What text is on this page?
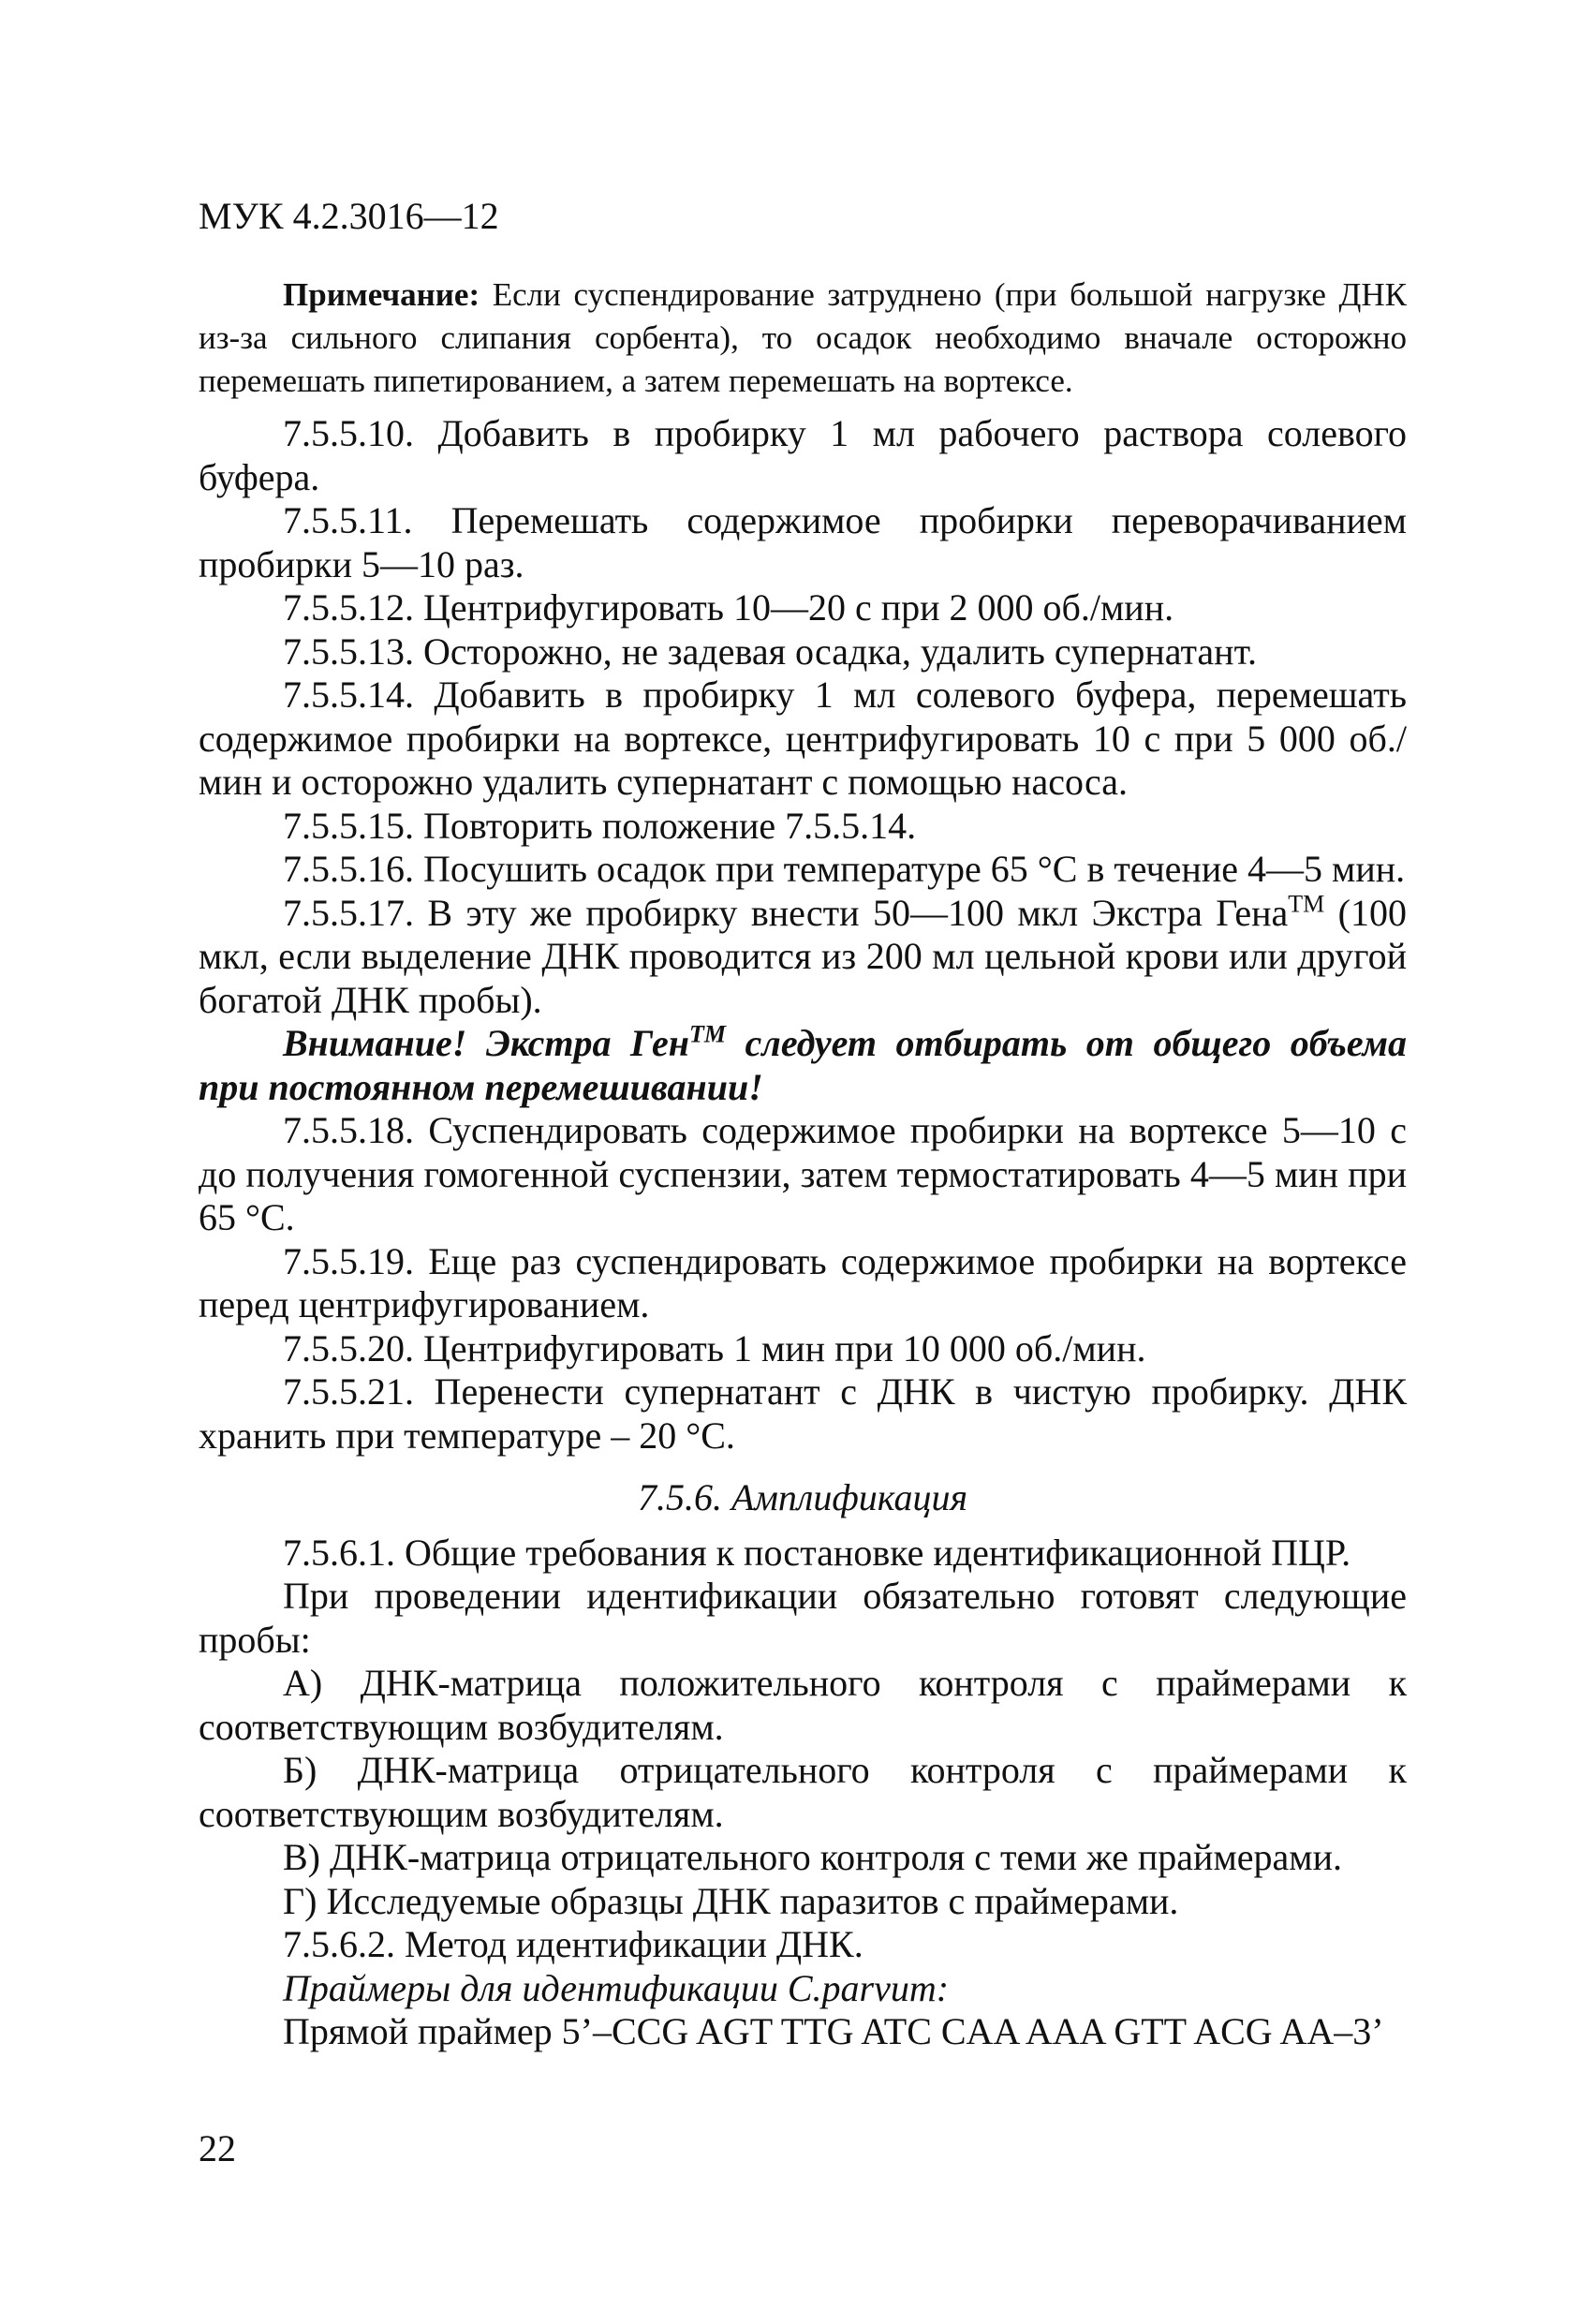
МУК 4.2.3016—12

Примечание: Если суспендирование затруднено (при большой нагрузке ДНК из-за сильного слипания сорбента), то осадок необходимо вначале осторожно перемешать пипетированием, а затем перемешать на вортексе.

7.5.5.10. Добавить в пробирку 1 мл рабочего раствора солевого буфера.

7.5.5.11. Перемешать содержимое пробирки переворачиванием пробирки 5—10 раз.

7.5.5.12. Центрифугировать 10—20 с при 2 000 об./мин.

7.5.5.13. Осторожно, не задевая осадка, удалить супернатант.

7.5.5.14. Добавить в пробирку 1 мл солевого буфера, перемешать содержимое пробирки на вортексе, центрифугировать 10 с при 5 000 об./мин и осторожно удалить супернатант с помощью насоса.

7.5.5.15. Повторить положение 7.5.5.14.

7.5.5.16. Посушить осадок при температуре 65 °С в течение 4—5 мин.

7.5.5.17. В эту же пробирку внести 50—100 мкл Экстра Гена™ (100 мкл, если выделение ДНК проводится из 200 мл цельной крови или другой богатой ДНК пробы).

Внимание! Экстра Ген™ следует отбирать от общего объема при постоянном перемешивании!

7.5.5.18. Суспендировать содержимое пробирки на вортексе 5—10 с до получения гомогенной суспензии, затем термостатировать 4—5 мин при 65 °С.

7.5.5.19. Еще раз суспендировать содержимое пробирки на вортексе перед центрифугированием.

7.5.5.20. Центрифугировать 1 мин при 10 000 об./мин.

7.5.5.21. Перенести супернатант с ДНК в чистую пробирку. ДНК хранить при температуре – 20 °С.

7.5.6. Амплификация

7.5.6.1. Общие требования к постановке идентификационной ПЦР.

При проведении идентификации обязательно готовят следующие пробы:

А) ДНК-матрица положительного контроля с праймерами к соответствующим возбудителям.

Б) ДНК-матрица отрицательного контроля с праймерами к соответствующим возбудителям.

В) ДНК-матрица отрицательного контроля с теми же праймерами.

Г) Исследуемые образцы ДНК паразитов с праймерами.

7.5.6.2. Метод идентификации ДНК.

Праймеры для идентификации C.parvum:

Прямой праймер 5’–CCG AGT TTG ATC CAA AAA GTT ACG AA–3’

22
